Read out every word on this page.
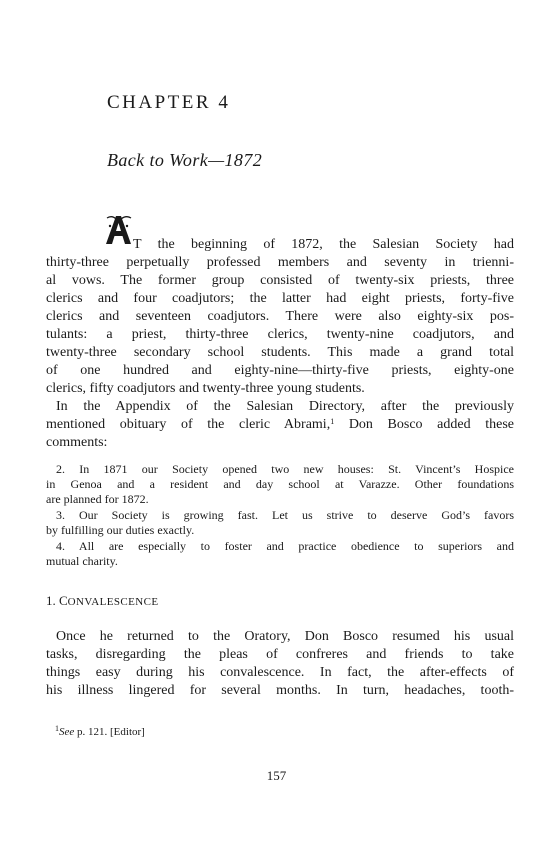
CHAPTER 4
Back to Work—1872
T the beginning of 1872, the Salesian Society had
thirty-three perpetually professed members and seventy in trienni-
al vows. The former group consisted of twenty-six priests, three
clerics and four coadjutors; the latter had eight priests, forty-five
clerics and seventeen coadjutors. There were also eighty-six pos-
tulants: a priest, thirty-three clerics, twenty-nine coadjutors, and
twenty-three secondary school students. This made a grand total
of one hundred and eighty-nine—thirty-five priests, eighty-one
clerics, fifty coadjutors and twenty-three young students.
In the Appendix of the Salesian Directory, after the previously
mentioned obituary of the cleric Abrami,$^1$ Don Bosco added these
comments:
2. In 1871 our Society opened two new houses: St. Vincent’s Hospice
in Genoa and a resident and day school at Varazze. Other foundations
are planned for 1872.
3. Our Society is growing fast. Let us strive to deserve God’s favors
by fulfilling our duties exactly.
4. All are especially to foster and practice obedience to superiors and
mutual charity.
1. CONVALESCENCE
Once he returned to the Oratory, Don Bosco resumed his usual
tasks, disregarding the pleas of confreres and friends to take
things easy during his convalescence. In fact, the after-effects of
his illness lingered for several months. In turn, headaches, tooth-
$^1$See p. 121. [Editor]
157
